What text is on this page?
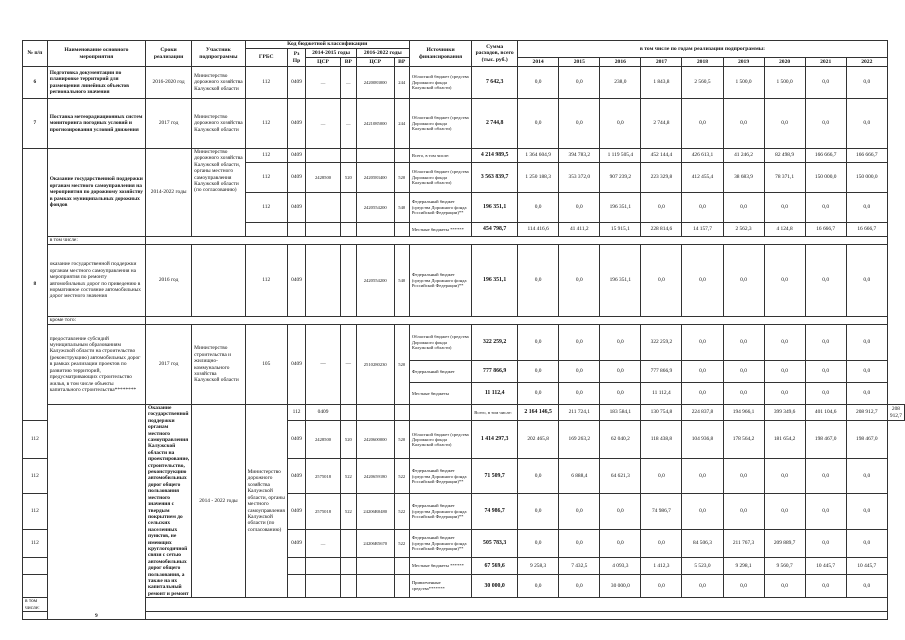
№ п/п	Наименование основного мероприятия	Сроки реализации	Участник подпрограммы	Код бюджетной классификации						Источники финансирования	Сумма расходов, всего (тыс. руб.)	в том числе по годам реализации подпрограммы:									
				ГРБС	Рз Пр	2014-2015 годы		2016-2022 годы													
						ЦСР	ВР	ЦСР	ВР			2014	2015	2016	2017	2018	2019	2020	2021	2022	
6	Подготовка документации по планировке территорий для размещения линейных объектов регионального значения	2016-2020 год	Министерство дорожного хозяйства Калужской области	112	0409	—	—	2420083000	244	Областной бюджет (средства Дорожного фонда Калужской области)	7 642,3	0,0	0,0	238,0	1 843,8	2 560,5	1 500,0	1 500,0	0,0	0,0	
7	Поставка метеорадиационных систем мониторинга погодных условий и прогнозирования условий движения	2017 год	Министерство дорожного хозяйства Калужской области	112	0409	—	—	2421085000	244	Областной бюджет (средства Дорожного фонда Калужской области)	2 744,8	0,0	0,0	0,0	2 744,8	0,0	0,0	0,0	0,0	0,0	
8	Оказание государственной поддержки органам местного самоуправления на мероприятия по дорожному хозяйству в рамках муниципальных дорожных фондов	2014-2022 годы	Министерство дорожного хозяйства Калужской области, органы местного самоуправления Калужской области (по согласованию)	112	0409					Всего, в том числе:	4 214 989,5	1 364 604,9	394 783,2	1 119 505,4	452 144,4	426 613,1	41 246,2	82 498,9	166 666,7	166 666,7	
				112	0409	2428500	520	2420583400	520	Областной бюджет (средства Дорожного фонда Калужской области)	3 563 839,7	1 250 188,3	353 372,0	907 239,2	223 329,8	412 455,4	38 683,9	78 371,1	150 000,0	150 000,0	
				112	0409			2420554200	540	Федеральный бюджет (средства Дорожного фонда Российской Федерации)**	196 351,1	0,0	0,0	196 351,1	0,0	0,0	0,0	0,0	0,0	0,0	
										Местные бюджеты ******	454 798,7	114 416,6	41 411,2	15 915,1	228 814,6	14 157,7	2 562,3	4 124,8	16 666,7	16 666,7	
	в том числе:																				
	оказание государственной поддержки органам местного самоуправления на мероприятия по ремонту автомобильных дорог по приведению в нормативное состояние автомобильных дорог местного значения	2016 год		112	0409			2420554200	540	Федеральный бюджет (средства Дорожного фонда Российской Федерации)**	196 351,1	0,0	0,0	196 351,1	0,0	0,0	0,0	0,0	0,0	0,0	
	кроме того:																				
	предоставление субсидий муниципальным образованиям Калужской области на строительство (реконструкцию) автомобильных дорог в рамках реализации проектов по развитию территорий, предусматривающих строительство жилья, в том числе объекты капитального строительства********	2017 год	Министерство строительства и жилищно-коммунального хозяйства Калужской области	105	0409	—	—	2510280230	520	Областной бюджет (средства Дорожного фонда Калужской области)	322 259,2	0,0	0,0	0,0	322 259,2	0,0	0,0	0,0	0,0	0,0	
										Федеральный бюджет	777 866,9	0,0	0,0	0,0	777 866,9	0,0	0,0	0,0	0,0	0,0	
										Местные бюджеты	11 112,4	0,0	0,0	0,0	11 112,4	0,0	0,0	0,0	0,0	0,0	
	9	Оказание государственной поддержки органам местного самоуправления Калужской области на проектирование, строительство, реконструкцию автомобильных дорог общего пользования местного значения с твердым покрытием до сельских населенных пунктов, не имеющих круглогодичной связи с сетью автомобильных дорог общего пользования, а также на их капитальный ремонт и ремонт	2014 - 2022 годы	Министерство дорожного хозяйства Калужской области, органы местного самоуправления Калужской области (по согласованию)	112	0409					Всего, в том числе:	2 164 146,5	211 724,1	183 584,1	130 754,8	224 837,8	194 966,1	399 349,6	401 104,6	208 912,7	208 912,7
112					0409	2428500	520	2420600000	520	Областной бюджет (средства Дорожного фонда Калужской области)	1 414 297,3	202 465,8	169 263,2	62 040,2	118 438,8	104 936,8	178 564,2	181 654,2	198 467,0	198 467,0	
112					0409	2575018	522	2420659180	522	Федеральный бюджет (средства Дорожного фонда Российской Федерации)**	71 509,7	0,0	6 888,4	64 621,3	0,0	0,0	0,0	0,0	0,0	0,0	
112					0409	2575018	522	24206R0480	522	Федеральный бюджет (средства Дорожного фонда Российской Федерации)**	74 986,7	0,0	0,0	0,0	74 986,7	0,0	0,0	0,0	0,0	0,0	
112					0409	—		24206R5670	522	Федеральный бюджет (средства Дорожного фонда Российской Федерации)**	505 783,3	0,0	0,0	0,0	0,0	84 506,3	211 767,3	209 889,7	0,0	0,0	
										Местные бюджеты ******	67 569,6	9 258,3	7 432,5	4 093,3	1 412,3	5 523,0	9 298,1	9 560,7	10 445,7	10 445,7	
										Привлеченные средства*******	30 000,0	0,0	0,0	30 000,0	0,0	0,0	0,0	0,0	0,0	0,0	
в том числе:																					
